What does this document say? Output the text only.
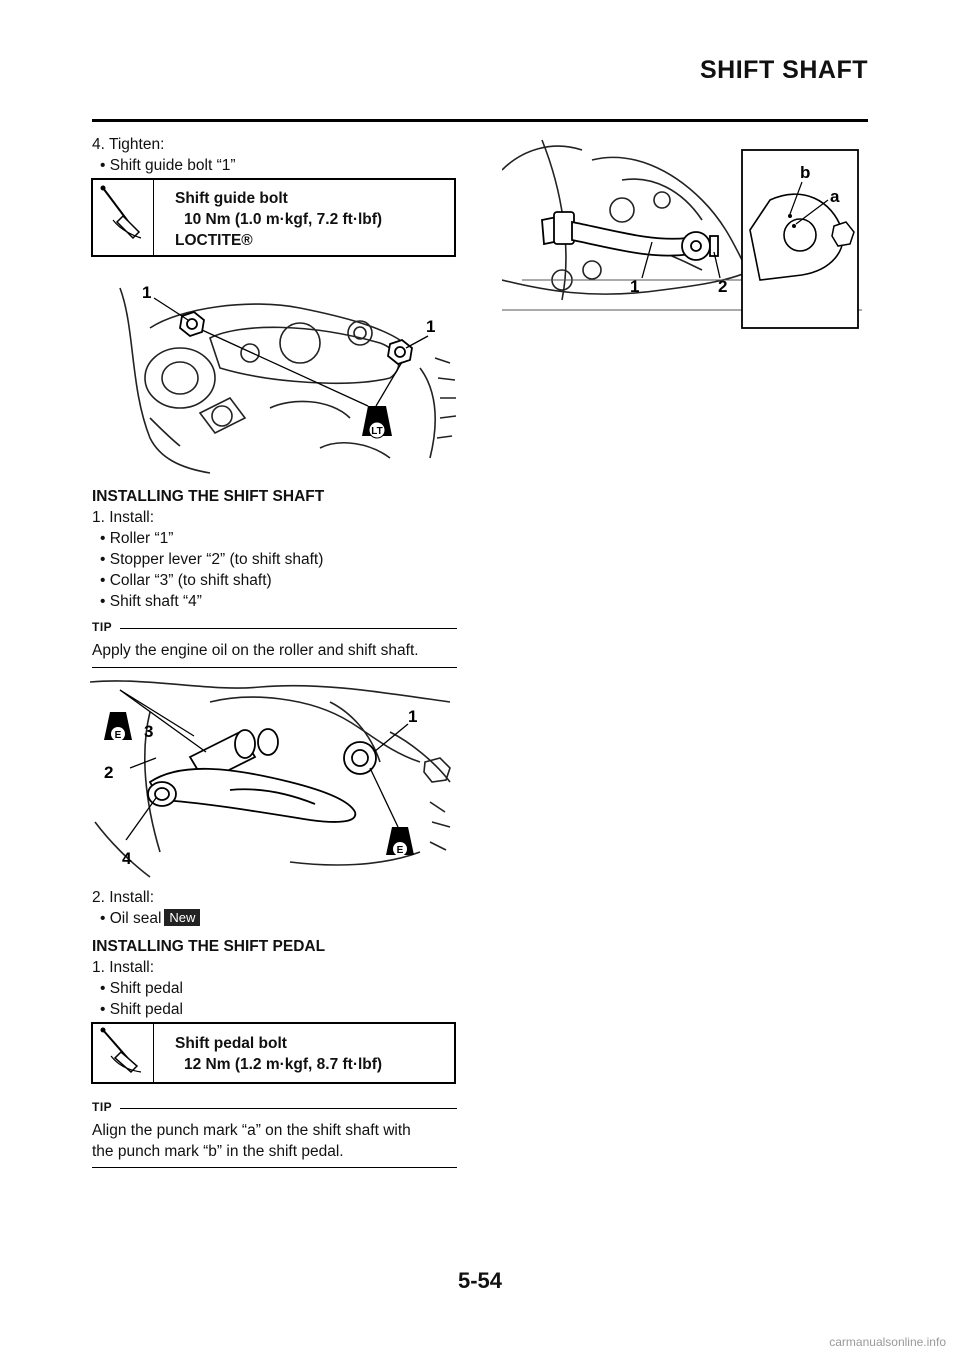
SHIFT SHAFT
4. Tighten:
• Shift guide bolt “1”
Shift guide bolt
10 Nm (1.0 m·kgf, 7.2 ft·lbf)
LOCTITE®
LT
1
1
INSTALLING THE SHIFT SHAFT
1. Install:
• Roller “1”
• Stopper lever “2” (to shift shaft)
• Collar “3” (to shift shaft)
• Shift shaft “4”
TIP
Apply the engine oil on the roller and shift shaft.
E
E
3
2
4
1
2. Install:
• Oil seal New
INSTALLING THE SHIFT PEDAL
1. Install:
• Shift pedal
• Shift pedal
Shift pedal bolt
12 Nm (1.2 m·kgf, 8.7 ft·lbf)
TIP
Align the punch mark “a” on the shift shaft with
the punch mark “b” in the shift pedal.
1	2
b
a
5-54
carmanualsonline.info
